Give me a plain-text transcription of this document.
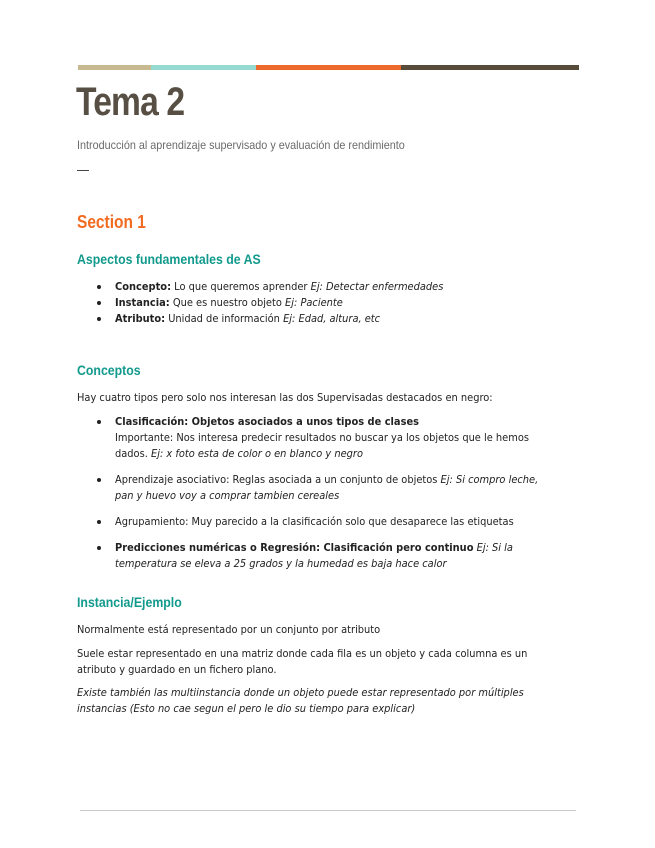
Tema 2

Introducción al aprendizaje supervisado y evaluación de rendimiento

Section 1
Aspectos fundamentales de AS
Concepto: Lo que queremos aprender Ej: Detectar enfermedades
Instancia: Que es nuestro objeto Ej: Paciente
Atributo: Unidad de información Ej: Edad, altura, etc
Conceptos

Hay cuatro tipos pero solo nos interesan las dos Supervisadas destacados en negro:

Clasificación: Objetos asociados a unos tipos de clases
Importante: Nos interesa predecir resultados no buscar ya los objetos que le hemos
dados. Ej: x foto esta de color o en blanco y negro
Aprendizaje asociativo: Reglas asociada a un conjunto de objetos Ej: Si compro leche,
pan y huevo voy a comprar tambien cereales
Agrupamiento: Muy parecido a la clasificación solo que desaparece las etiquetas
Predicciones numéricas o Regresión: Clasificación pero continuo Ej: Si la
temperatura se eleva a 25 grados y la humedad es baja hace calor
Instancia/Ejemplo

Normalmente está representado por un conjunto por atributo

Suele estar representado en una matriz donde cada fila es un objeto y cada columna es un
atributo y guardado en un fichero plano.

Existe también las multiinstancia donde un objeto puede estar representado por múltiples
instancias (Esto no cae segun el pero le dio su tiempo para explicar)
